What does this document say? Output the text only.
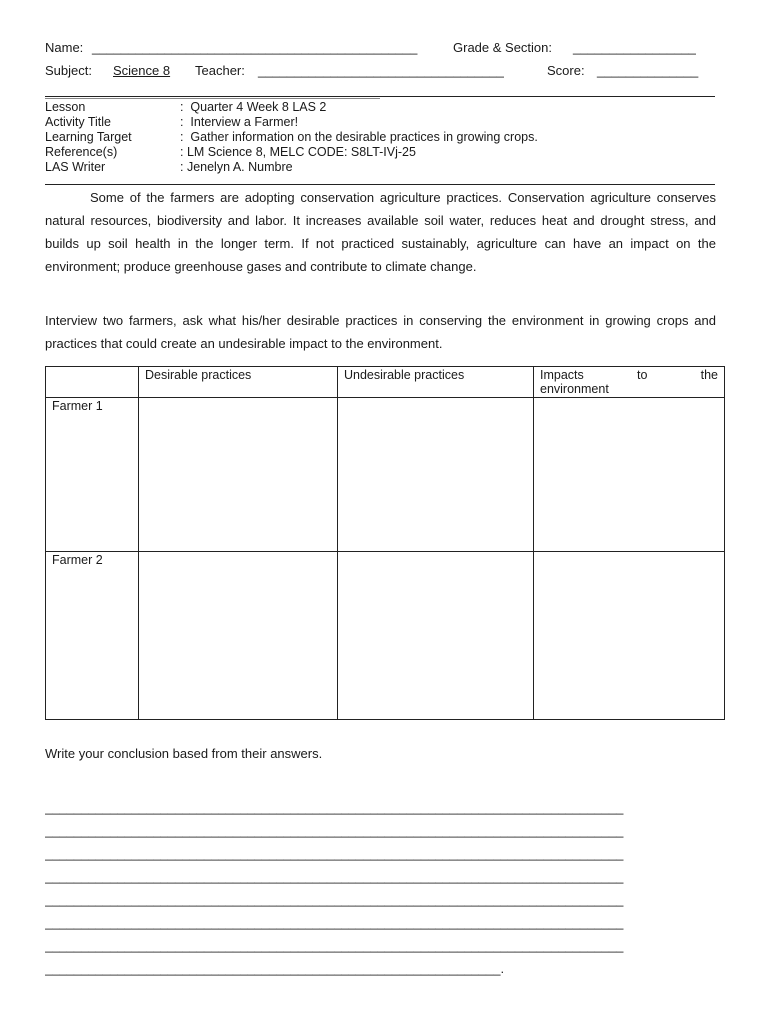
Name: _____________________________________________	Grade & Section: _________________
Subject: Science 8 Teacher: __________________________________	Score: ______________
Lesson	:  Quarter 4 Week 8 LAS 2
Activity Title	:  Interview a Farmer!
Learning Target	:  Gather information on the desirable practices in growing crops.
Reference(s)	: LM Science 8, MELC CODE: S8LT-IVj-25
LAS Writer	: Jenelyn A. Numbre
Some of the farmers are adopting conservation agriculture practices. Conservation agriculture conserves natural resources, biodiversity and labor. It increases available soil water, reduces heat and drought stress, and builds up soil health in the longer term. If not practiced sustainably, agriculture can have an impact on the environment; produce greenhouse gases and contribute to climate change.
Interview two farmers, ask what his/her desirable practices in conserving the environment in growing crops and practices that could create an undesirable impact to the environment.
	Desirable practices	Undesirable practices	Impacts to the
environment

Farmer 1			
Farmer 2			
Write your conclusion based from their answers.
________________________________________________________________________________
________________________________________________________________________________
________________________________________________________________________________
________________________________________________________________________________
________________________________________________________________________________
________________________________________________________________________________
________________________________________________________________________________
_______________________________________________________________.
